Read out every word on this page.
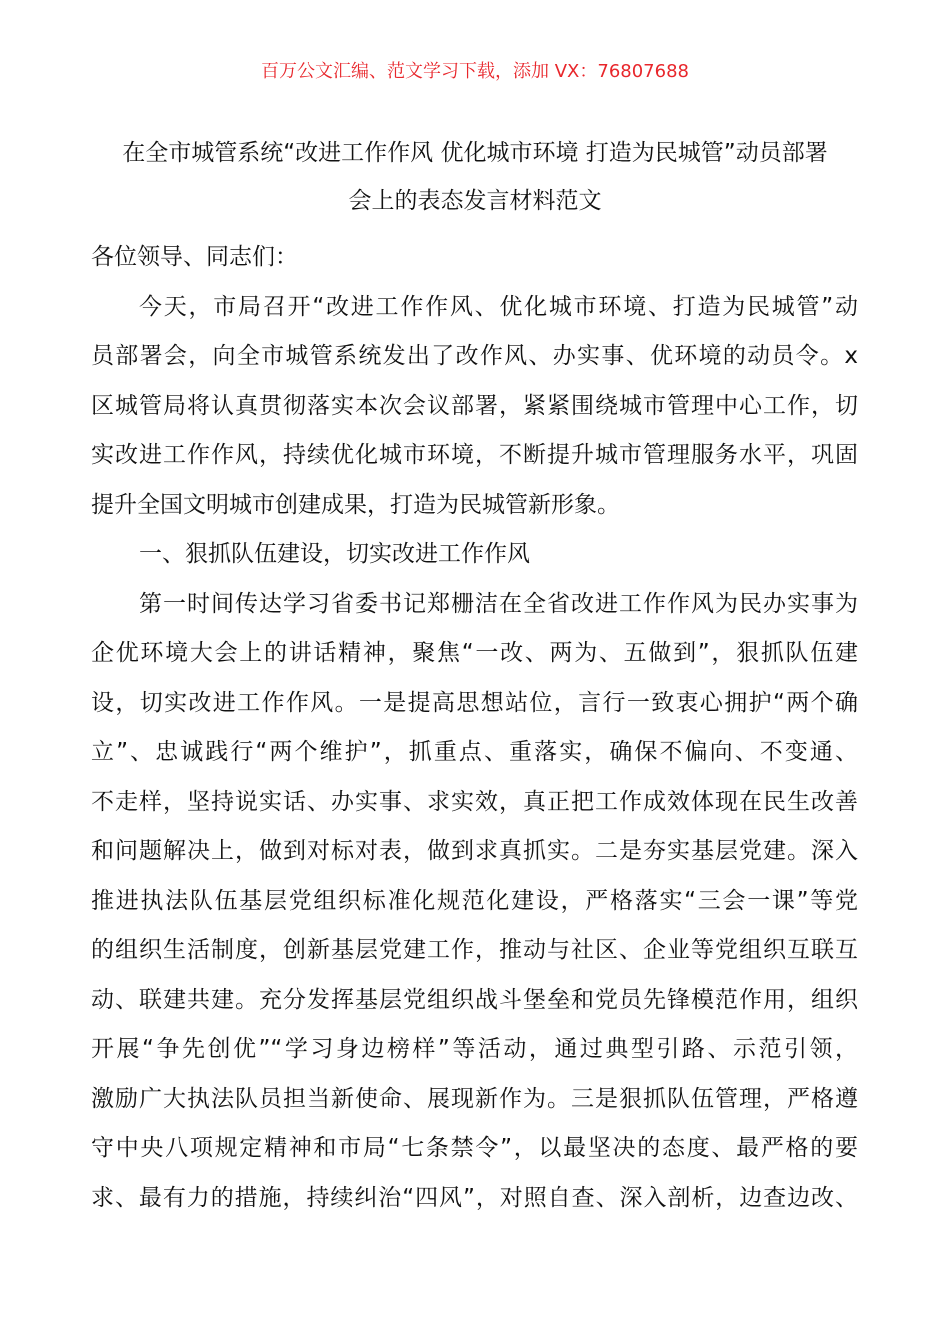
百万公文汇编、范文学习下载，添加 VX：76807688
在全市城管系统“改进工作作风 优化城市环境 打造为民城管”动员部署
会上的表态发言材料范文
各位领导、同志们：
今天，市局召开“改进工作作风、优化城市环境、打造为民城管”动
员部署会，向全市城管系统发出了改作风、办实事、优环境的动员令。x
区城管局将认真贯彻落实本次会议部署，紧紧围绕城市管理中心工作，切
实改进工作作风，持续优化城市环境，不断提升城市管理服务水平，巩固
提升全国文明城市创建成果，打造为民城管新形象。
一、狠抓队伍建设，切实改进工作作风
第一时间传达学习省委书记郑栅洁在全省改进工作作风为民办实事为
企优环境大会上的讲话精神，聚焦“一改、两为、五做到”，狠抓队伍建
设，切实改进工作作风。一是提高思想站位，言行一致衷心拥护“两个确
立”、忠诚践行“两个维护”，抓重点、重落实，确保不偏向、不变通、
不走样，坚持说实话、办实事、求实效，真正把工作成效体现在民生改善
和问题解决上，做到对标对表，做到求真抓实。二是夯实基层党建。深入
推进执法队伍基层党组织标准化规范化建设，严格落实“三会一课”等党
的组织生活制度，创新基层党建工作，推动与社区、企业等党组织互联互
动、联建共建。充分发挥基层党组织战斗堡垒和党员先锋模范作用，组织
开展“争先创优”“学习身边榜样”等活动，通过典型引路、示范引领，
激励广大执法队员担当新使命、展现新作为。三是狠抓队伍管理，严格遵
守中央八项规定精神和市局“七条禁令”，以最坚决的态度、最严格的要
求、最有力的措施，持续纠治“四风”，对照自查、深入剖析，边查边改、
